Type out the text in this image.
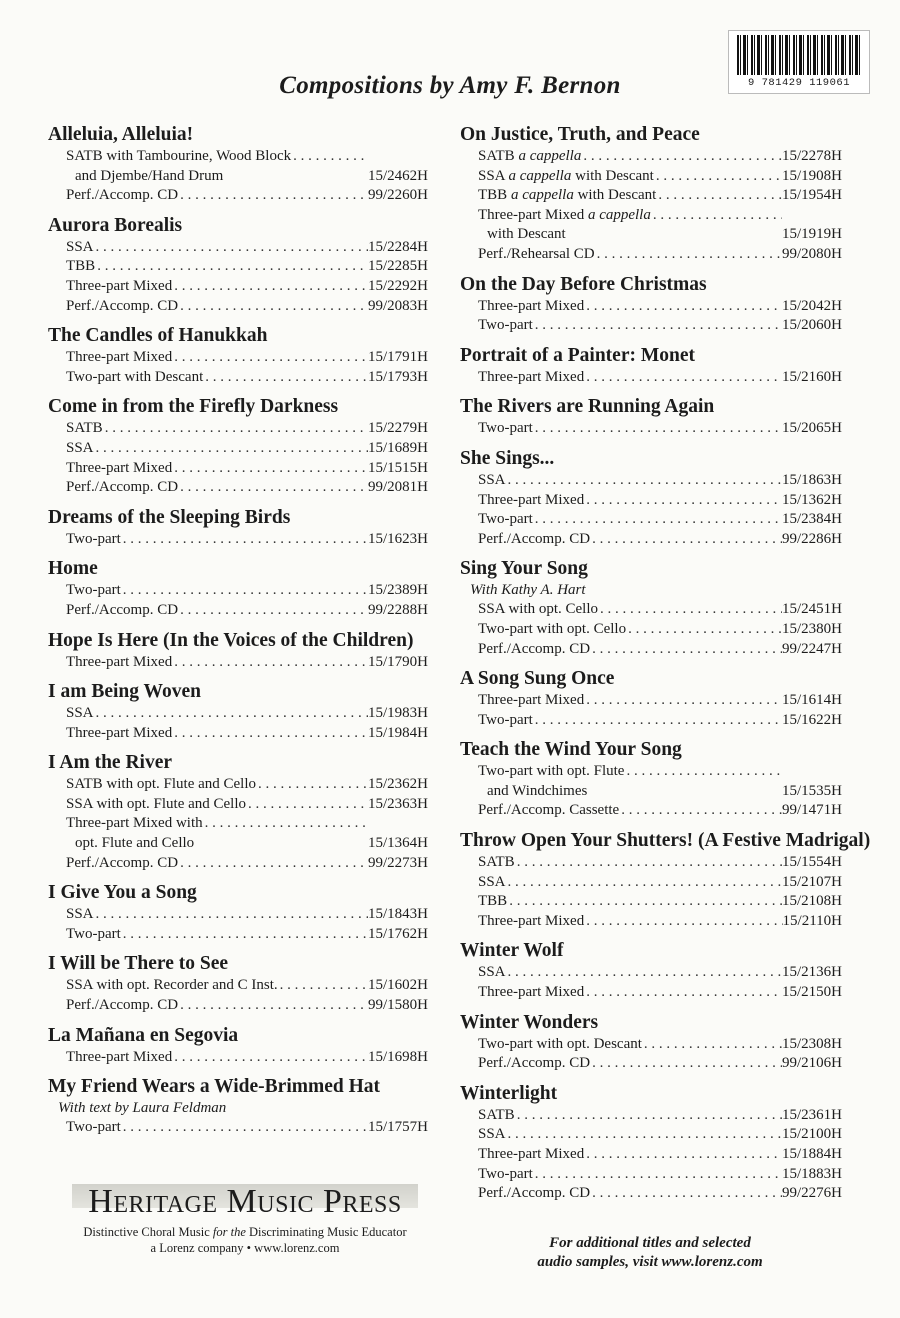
9 781429 119061
Compositions by Amy F. Bernon
Alleluia, Alleluia!
SATB with Tambourine, Wood Block
and Djembe/Hand Drum . . .	15/2462H
Perf./Accomp. CD . . .	99/2260H
Aurora Borealis
SSA . . .	15/2284H
TBB . . .	15/2285H
Three-part Mixed . . .	15/2292H
Perf./Accomp. CD . . .	99/2083H
The Candles of Hanukkah
Three-part Mixed . . .	15/1791H
Two-part with Descant . . .	15/1793H
Come in from the Firefly Darkness
SATB . . .	15/2279H
SSA . . .	15/1689H
Three-part Mixed . . .	15/1515H
Perf./Accomp. CD . . .	99/2081H
Dreams of the Sleeping Birds
Two-part . . .	15/1623H
Home
Two-part . . .	15/2389H
Perf./Accomp. CD . . .	99/2288H
Hope Is Here (In the Voices of the Children)
Three-part Mixed . . .	15/1790H
I am Being Woven
SSA . . .	15/1983H
Three-part Mixed . . .	15/1984H
I Am the River
SATB with opt. Flute and Cello . . .	15/2362H
SSA with opt. Flute and Cello . . .	15/2363H
Three-part Mixed with
opt. Flute and Cello . . .	15/1364H
Perf./Accomp. CD . . .	99/2273H
I Give You a Song
SSA . . .	15/1843H
Two-part . . .	15/1762H
I Will be There to See
SSA with opt. Recorder and C Inst. . . .	15/1602H
Perf./Accomp. CD . . .	99/1580H
La Mañana en Segovia
Three-part Mixed . . .	15/1698H
My Friend Wears a Wide-Brimmed Hat
With text by Laura Feldman
Two-part . . .	15/1757H
On Justice, Truth, and Peace
SATB a cappella . . .	15/2278H
SSA a cappella with Descant . . .	15/1908H
TBB a cappella with Descant . . .	15/1954H
Three-part Mixed a cappella
with Descant . . .	15/1919H
Perf./Rehearsal CD . . .	99/2080H
On the Day Before Christmas
Three-part Mixed . . .	15/2042H
Two-part . . .	15/2060H
Portrait of a Painter: Monet
Three-part Mixed . . .	15/2160H
The Rivers are Running Again
Two-part . . .	15/2065H
She Sings...
SSA . . .	15/1863H
Three-part Mixed . . .	15/1362H
Two-part . . .	15/2384H
Perf./Accomp. CD . . .	99/2286H
Sing Your Song
With Kathy A. Hart
SSA with opt. Cello . . .	15/2451H
Two-part with opt. Cello . . .	15/2380H
Perf./Accomp. CD . . .	99/2247H
A Song Sung Once
Three-part Mixed . . .	15/1614H
Two-part . . .	15/1622H
Teach the Wind Your Song
Two-part with opt. Flute
and Windchimes . . .	15/1535H
Perf./Accomp. Cassette . . .	99/1471H
Throw Open Your Shutters! (A Festive Madrigal)
SATB . . .	15/1554H
SSA . . .	15/2107H
TBB . . .	15/2108H
Three-part Mixed . . .	15/2110H
Winter Wolf
SSA . . .	15/2136H
Three-part Mixed . . .	15/2150H
Winter Wonders
Two-part with opt. Descant . . .	15/2308H
Perf./Accomp. CD . . .	99/2106H
Winterlight
SATB . . .	15/2361H
SSA . . .	15/2100H
Three-part Mixed . . .	15/1884H
Two-part . . .	15/1883H
Perf./Accomp. CD . . .	99/2276H
Heritage Music Press
Distinctive Choral Music for the Discriminating Music Educator
a Lorenz company • www.lorenz.com	For additional titles and selected
audio samples, visit www.lorenz.com
